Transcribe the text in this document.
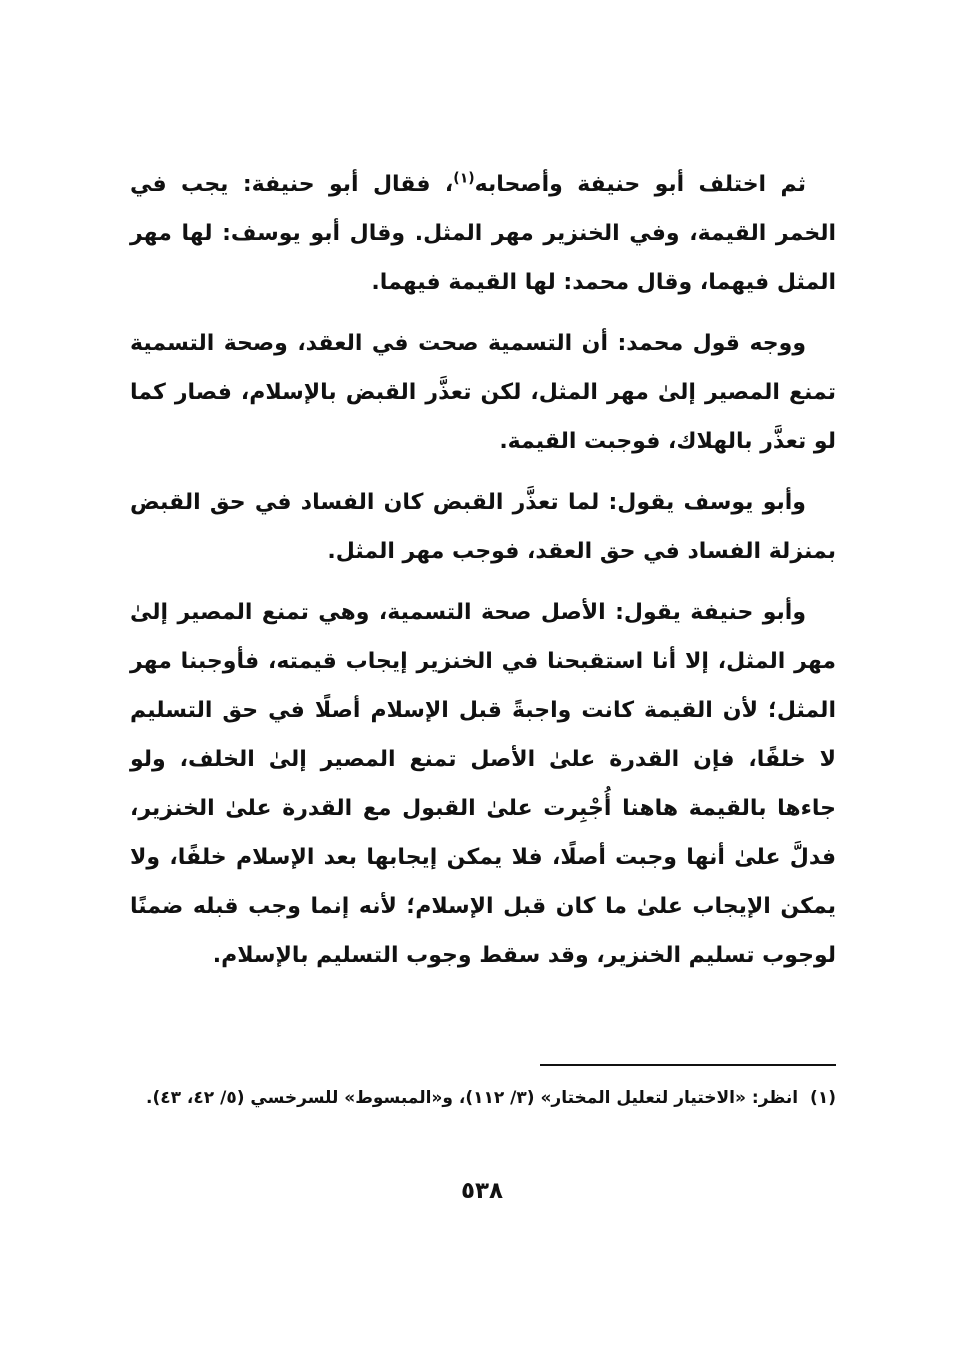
ثم اختلف أبو حنيفة وأصحابه$^{(١)}$، فقال أبو حنيفة: يجب في الخمر القيمة، وفي الخنزير مهر المثل. وقال أبو يوسف: لها مهر المثل فيهما، وقال محمد: لها القيمة فيهما.

ووجه قول محمد: أن التسمية صحت في العقد، وصحة التسمية تمنع المصير إلىٰ مهر المثل، لكن تعذَّر القبض بالإسلام، فصار كما لو تعذَّر بالهلاك، فوجبت القيمة.

وأبو يوسف يقول: لما تعذَّر القبض كان الفساد في حق القبض بمنزلة الفساد في حق العقد، فوجب مهر المثل.

وأبو حنيفة يقول: الأصل صحة التسمية، وهي تمنع المصير إلىٰ مهر المثل، إلا أنا استقبحنا في الخنزير إيجاب قيمته، فأوجبنا مهر المثل؛ لأن القيمة كانت واجبةً قبل الإسلام أصلًا في حق التسليم لا خلفًا، فإن القدرة علىٰ الأصل تمنع المصير إلىٰ الخلف، ولو جاءها بالقيمة هاهنا أُجْبِرت علىٰ القبول مع القدرة علىٰ الخنزير، فدلَّ علىٰ أنها وجبت أصلًا، فلا يمكن إيجابها بعد الإسلام خلفًا، ولا يمكن الإيجاب علىٰ ما كان قبل الإسلام؛ لأنه إنما وجب قبله ضمنًا لوجوب تسليم الخنزير، وقد سقط وجوب التسليم بالإسلام.

(١)انظر: «الاختيار لتعليل المختار» (٣/ ١١٢)، و«المبسوط» للسرخسي (٥/ ٤٢، ٤٣).
٥٣٨
